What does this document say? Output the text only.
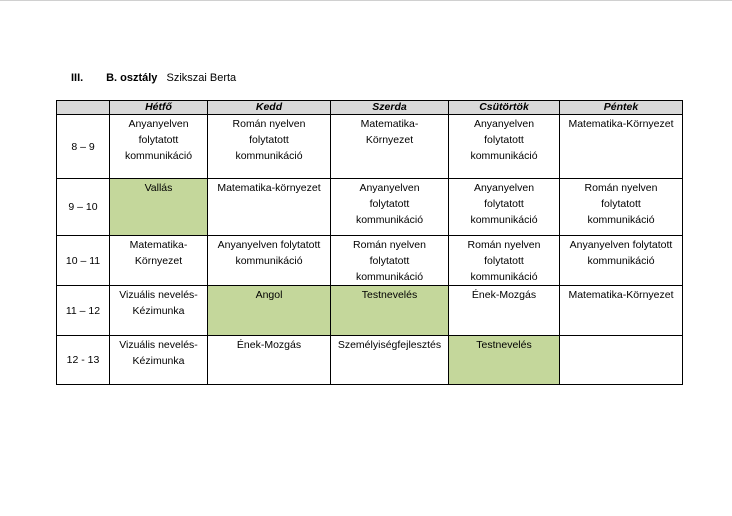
III. B. osztály Szikszai Berta
	Hétfő	Kedd	Szerda	Csütörtök	Péntek
8 – 9	Anyanyelven
folytatott
kommunikáció	Román nyelven
folytatott
kommunikáció	Matematika-
Környezet	Anyanyelven
folytatott
kommunikáció	Matematika-Környezet
9 – 10	Vallás	Matematika-környezet	Anyanyelven
folytatott
kommunikáció	Anyanyelven
folytatott
kommunikáció	Román nyelven
folytatott
kommunikáció
10 – 11	Matematika-
Környezet	Anyanyelven folytatott
kommunikáció	Román nyelven
folytatott
kommunikáció	Román nyelven
folytatott
kommunikáció	Anyanyelven folytatott
kommunikáció
11 – 12	Vizuális nevelés-
Kézimunka	Angol	Testnevelés	Ének-Mozgás	Matematika-Környezet
12 - 13	Vizuális nevelés-
Kézimunka	Ének-Mozgás	Személyiségfejlesztés	Testnevelés	
